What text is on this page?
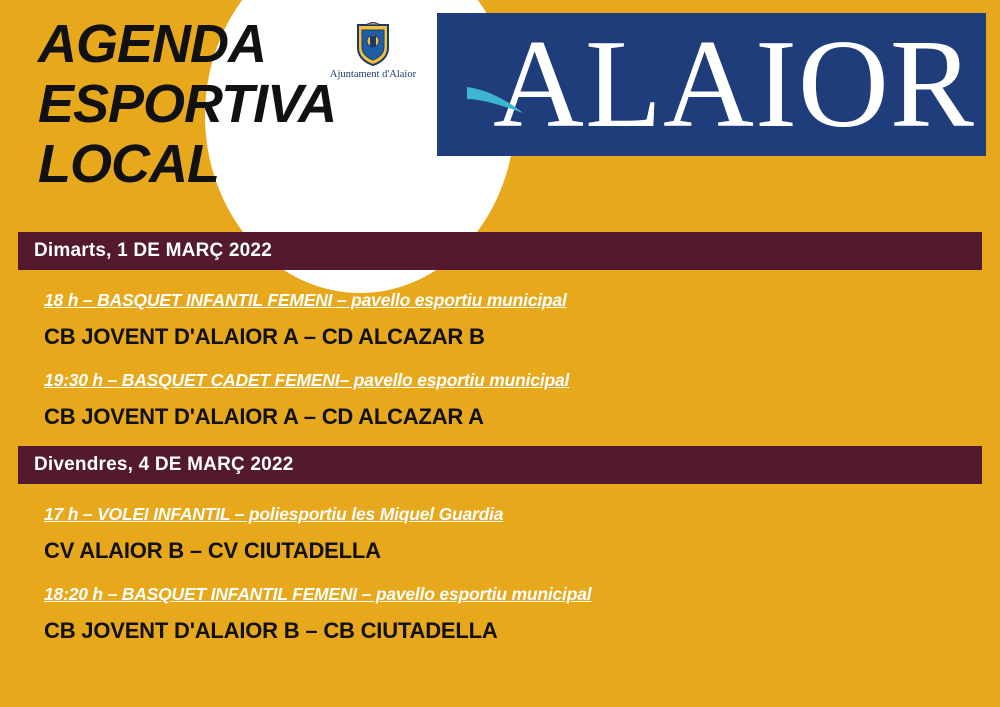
AGENDA
ESPORTIVA
LOCAL
Ajuntament d'Alaior ALAIOR
Dimarts, 1 DE MARÇ 2022
18 h – BASQUET INFANTIL FEMENI – pavello esportiu municipal
CB JOVENT D'ALAIOR A – CD ALCAZAR B
19:30 h – BASQUET CADET FEMENI– pavello esportiu municipal
CB JOVENT D'ALAIOR A – CD ALCAZAR A
Divendres, 4 DE MARÇ 2022
17 h – VOLEI INFANTIL – poliesportiu les Miquel Guardia
CV ALAIOR B – CV CIUTADELLA
18:20 h – BASQUET INFANTIL FEMENI – pavello esportiu municipal
CB JOVENT D'ALAIOR B – CB CIUTADELLA
